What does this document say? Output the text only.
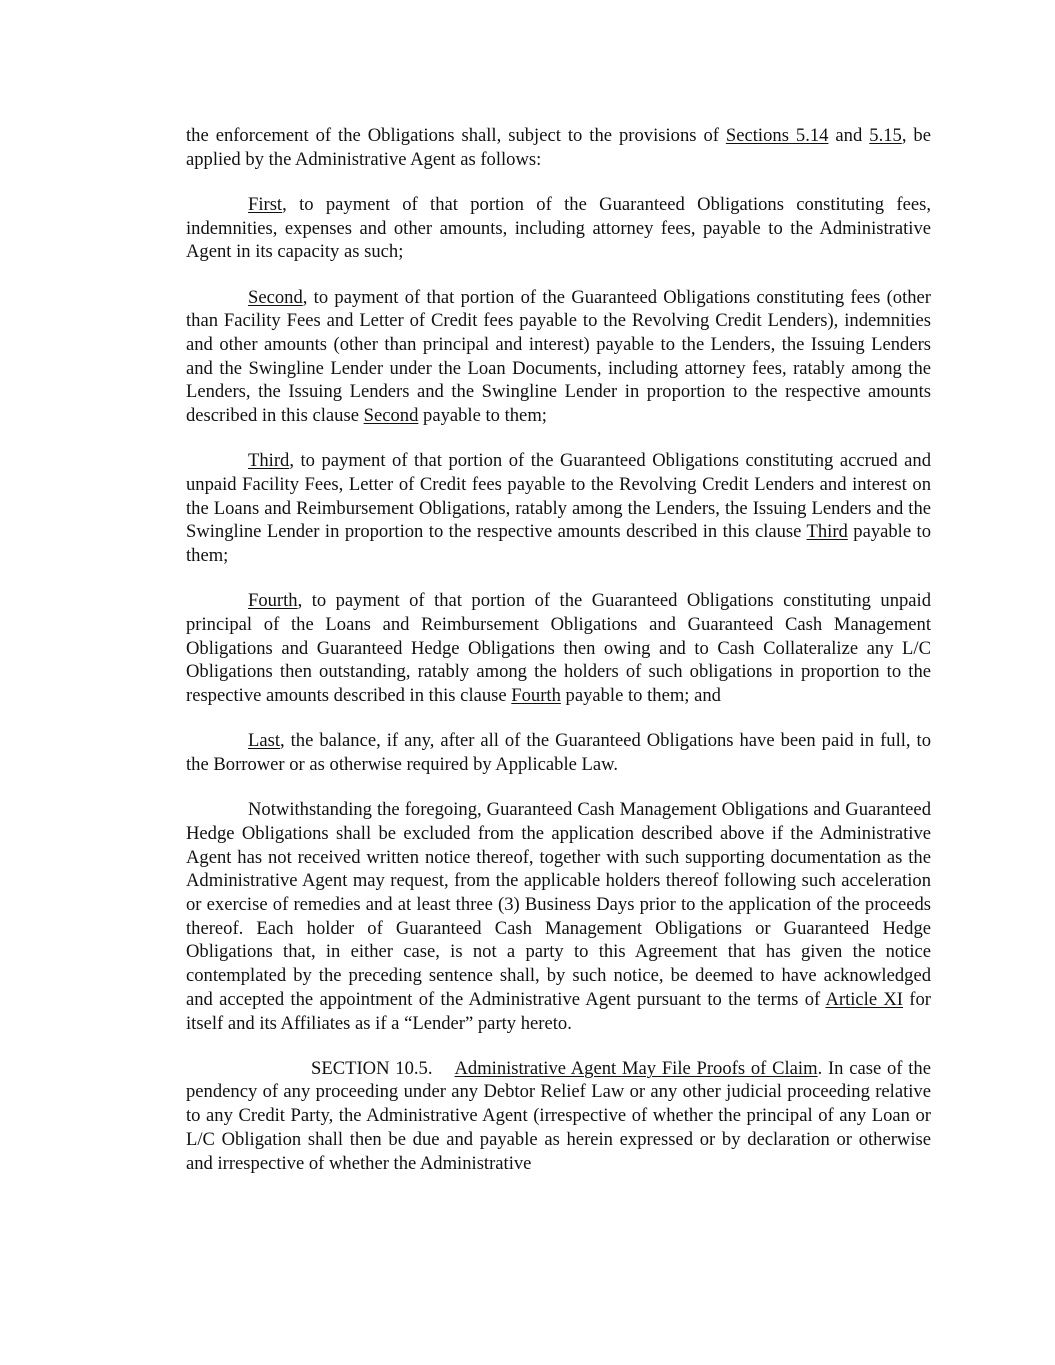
the enforcement of the Obligations shall, subject to the provisions of Sections 5.14 and 5.15, be applied by the Administrative Agent as follows:

First, to payment of that portion of the Guaranteed Obligations constituting fees, indemnities, expenses and other amounts, including attorney fees, payable to the Administrative Agent in its capacity as such;

Second, to payment of that portion of the Guaranteed Obligations constituting fees (other than Facility Fees and Letter of Credit fees payable to the Revolving Credit Lenders), indemnities and other amounts (other than principal and interest) payable to the Lenders, the Issuing Lenders and the Swingline Lender under the Loan Documents, including attorney fees, ratably among the Lenders, the Issuing Lenders and the Swingline Lender in proportion to the respective amounts described in this clause Second payable to them;

Third, to payment of that portion of the Guaranteed Obligations constituting accrued and unpaid Facility Fees, Letter of Credit fees payable to the Revolving Credit Lenders and interest on the Loans and Reimbursement Obligations, ratably among the Lenders, the Issuing Lenders and the Swingline Lender in proportion to the respective amounts described in this clause Third payable to them;

Fourth, to payment of that portion of the Guaranteed Obligations constituting unpaid principal of the Loans and Reimbursement Obligations and Guaranteed Cash Management Obligations and Guaranteed Hedge Obligations then owing and to Cash Collateralize any L/C Obligations then outstanding, ratably among the holders of such obligations in proportion to the respective amounts described in this clause Fourth payable to them; and

Last, the balance, if any, after all of the Guaranteed Obligations have been paid in full, to the Borrower or as otherwise required by Applicable Law.

Notwithstanding the foregoing, Guaranteed Cash Management Obligations and Guaranteed Hedge Obligations shall be excluded from the application described above if the Administrative Agent has not received written notice thereof, together with such supporting documentation as the Administrative Agent may request, from the applicable holders thereof following such acceleration or exercise of remedies and at least three (3) Business Days prior to the application of the proceeds thereof. Each holder of Guaranteed Cash Management Obligations or Guaranteed Hedge Obligations that, in either case, is not a party to this Agreement that has given the notice contemplated by the preceding sentence shall, by such notice, be deemed to have acknowledged and accepted the appointment of the Administrative Agent pursuant to the terms of Article XI for itself and its Affiliates as if a “Lender” party hereto.

SECTION 10.5. Administrative Agent May File Proofs of Claim. In case of the pendency of any proceeding under any Debtor Relief Law or any other judicial proceeding relative to any Credit Party, the Administrative Agent (irrespective of whether the principal of any Loan or L/C Obligation shall then be due and payable as herein expressed or by declaration or otherwise and irrespective of whether the Administrative
